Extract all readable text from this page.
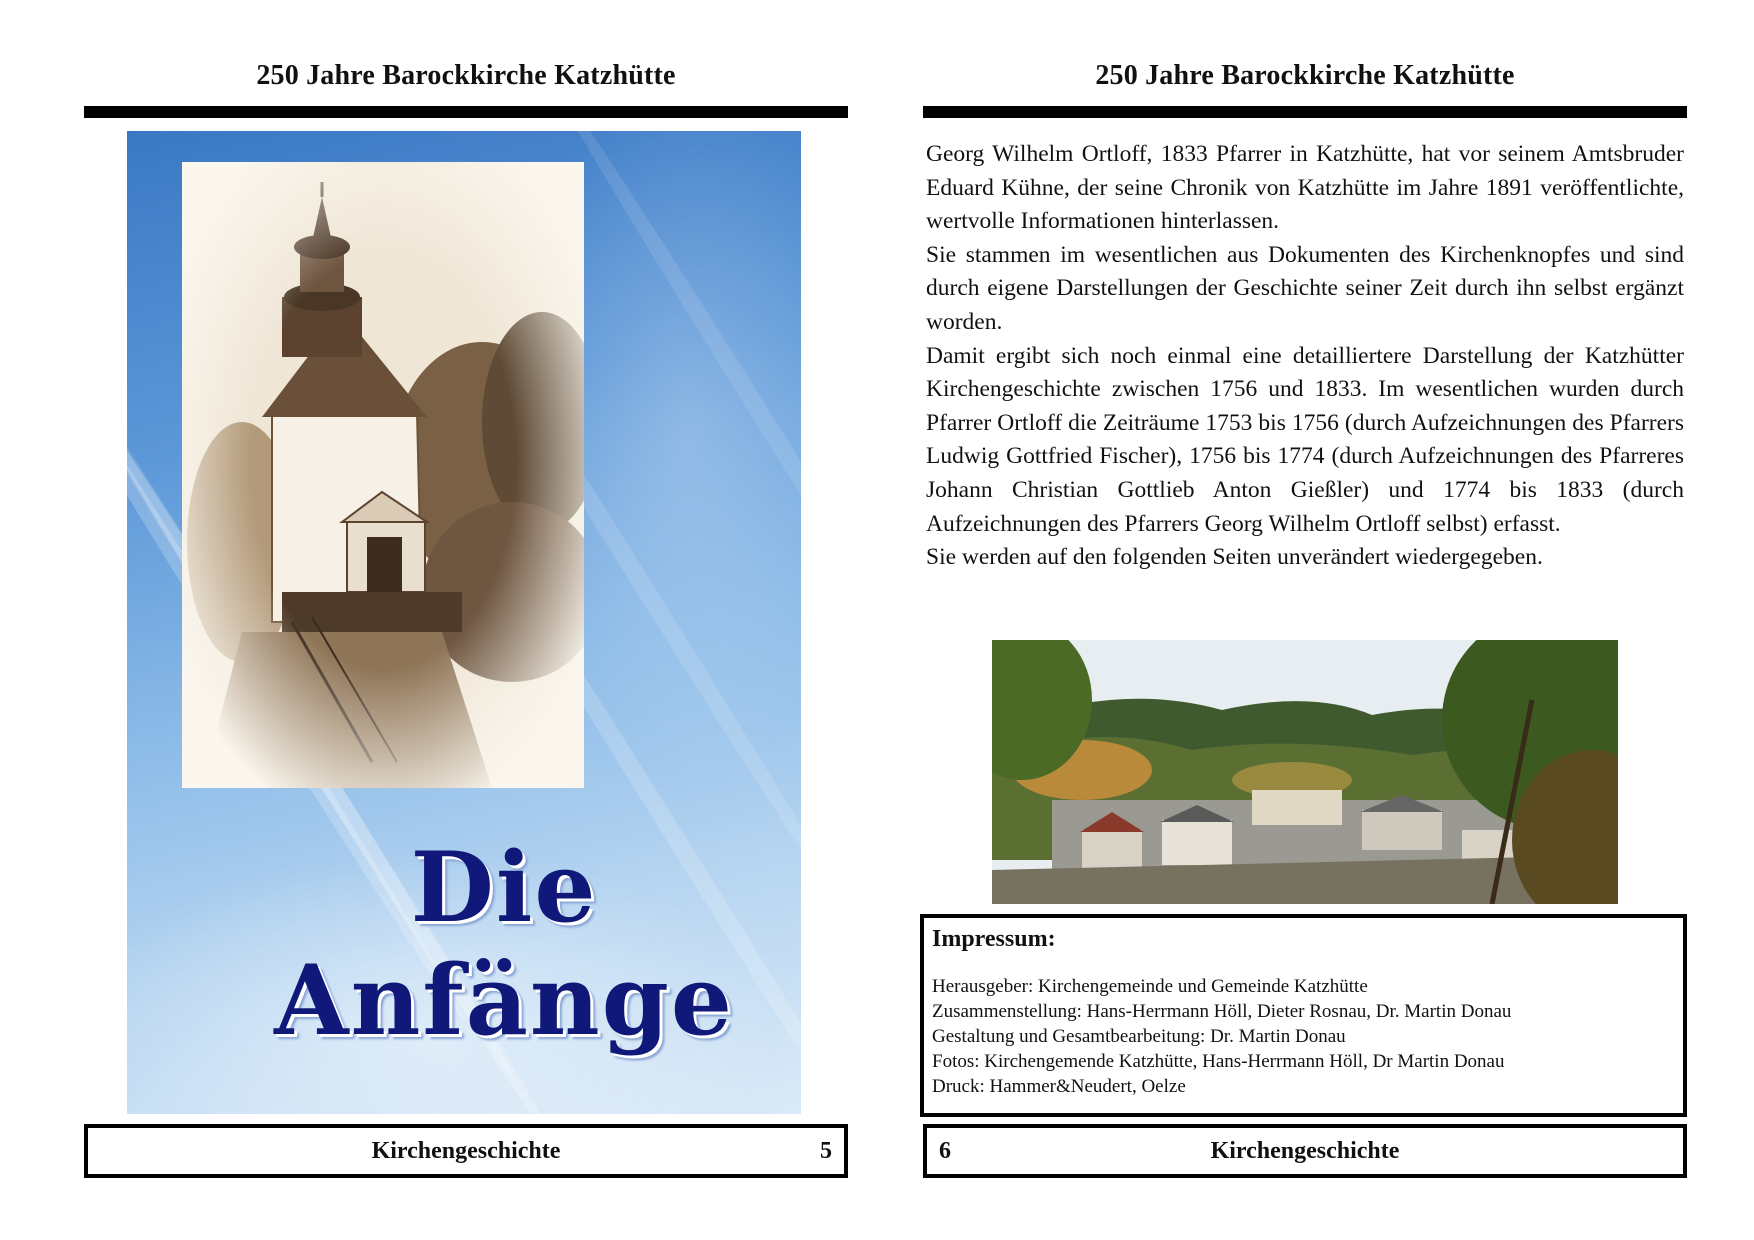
250 Jahre Barockkirche Katzhütte
Die Anfänge
Kirchengeschichte	5
250 Jahre Barockkirche Katzhütte

Georg Wilhelm Ortloff, 1833 Pfarrer in Katzhütte, hat vor seinem Amtsbruder Eduard Kühne, der seine Chronik von Katzhütte im Jahre 1891 veröffentlichte, wertvolle Informationen hinterlassen.

Sie stammen im wesentlichen aus Dokumenten des Kirchenknopfes und sind durch eigene Darstellungen der Geschichte seiner Zeit durch ihn selbst ergänzt worden.

Damit ergibt sich noch einmal eine detailliertere Darstellung der Katzhütter Kirchengeschichte zwischen 1756 und 1833. Im wesentlichen wurden durch Pfarrer Ortloff die Zeiträume 1753 bis 1756 (durch Aufzeichnungen des Pfarrers Ludwig Gottfried Fischer), 1756 bis 1774 (durch Aufzeichnungen des Pfarreres Johann Christian Gottlieb Anton Gießler) und 1774 bis 1833 (durch Aufzeichnungen des Pfarrers Georg Wilhelm Ortloff selbst) erfasst.

Sie werden auf den folgenden Seiten unverändert wiedergegeben.

Impressum:
Herausgeber: Kirchengemeinde und Gemeinde Katzhütte
Zusammenstellung: Hans-Herrmann Höll, Dieter Rosnau, Dr. Martin Donau
Gestaltung und Gesamtbearbeitung: Dr. Martin Donau
Fotos: Kirchengemende Katzhütte, Hans-Herrmann Höll, Dr Martin Donau
Druck: Hammer&Neudert, Oelze
Kirchengeschichte
6
